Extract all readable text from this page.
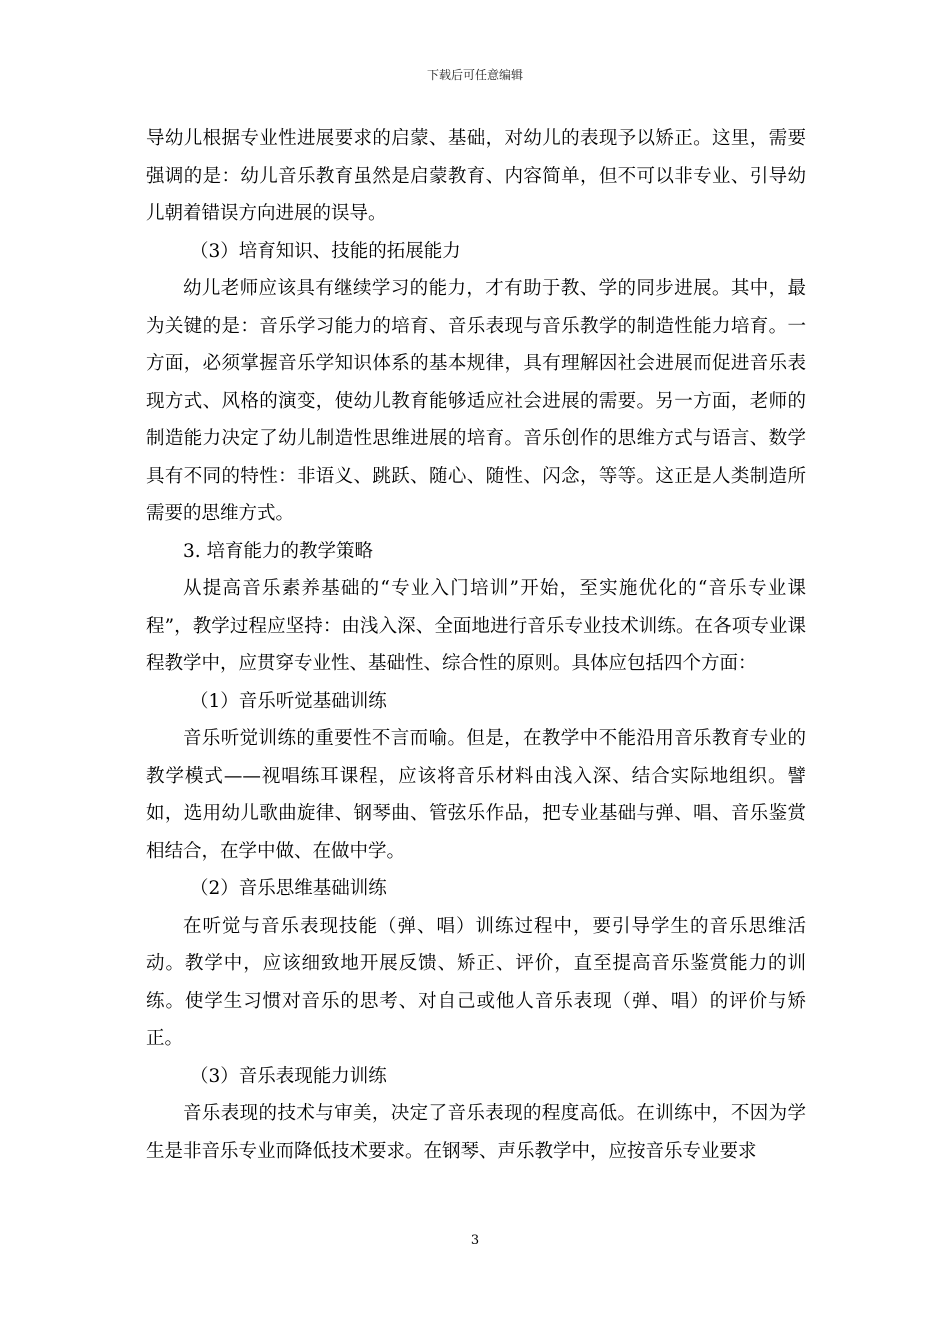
下载后可任意编辑

导幼儿根据专业性进展要求的启蒙、基础，对幼儿的表现予以矫正。这里，需要强调的是：幼儿音乐教育虽然是启蒙教育、内容简单，但不可以非专业、引导幼儿朝着错误方向进展的误导。

（3）培育知识、技能的拓展能力

幼儿老师应该具有继续学习的能力，才有助于教、学的同步进展。其中，最为关键的是：音乐学习能力的培育、音乐表现与音乐教学的制造性能力培育。一方面，必须掌握音乐学知识体系的基本规律，具有理解因社会进展而促进音乐表现方式、风格的演变，使幼儿教育能够适应社会进展的需要。另一方面，老师的制造能力决定了幼儿制造性思维进展的培育。音乐创作的思维方式与语言、数学具有不同的特性：非语义、跳跃、随心、随性、闪念，等等。这正是人类制造所需要的思维方式。

3. 培育能力的教学策略

从提高音乐素养基础的“专业入门培训”开始，至实施优化的“音乐专业课程”，教学过程应坚持：由浅入深、全面地进行音乐专业技术训练。在各项专业课程教学中，应贯穿专业性、基础性、综合性的原则。具体应包括四个方面：

（1）音乐听觉基础训练

音乐听觉训练的重要性不言而喻。但是，在教学中不能沿用音乐教育专业的教学模式——视唱练耳课程，应该将音乐材料由浅入深、结合实际地组织。譬如，选用幼儿歌曲旋律、钢琴曲、管弦乐作品，把专业基础与弹、唱、音乐鉴赏相结合，在学中做、在做中学。

（2）音乐思维基础训练

在听觉与音乐表现技能（弹、唱）训练过程中，要引导学生的音乐思维活动。教学中，应该细致地开展反馈、矫正、评价，直至提高音乐鉴赏能力的训练。使学生习惯对音乐的思考、对自己或他人音乐表现（弹、唱）的评价与矫正。

（3）音乐表现能力训练

音乐表现的技术与审美，决定了音乐表现的程度高低。在训练中，不因为学生是非音乐专业而降低技术要求。在钢琴、声乐教学中，应按音乐专业要求

3
